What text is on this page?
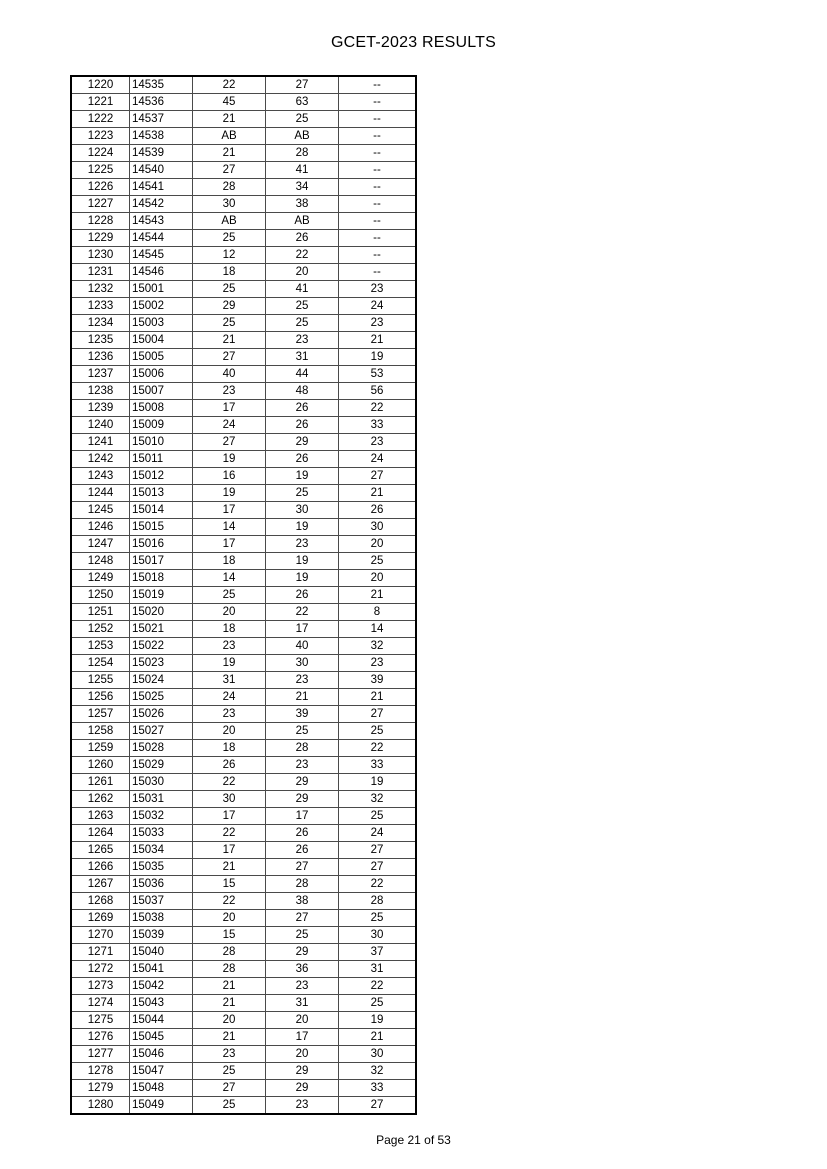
GCET-2023 RESULTS
1220	14535	22	27	--
1221	14536	45	63	--
1222	14537	21	25	--
1223	14538	AB	AB	--
1224	14539	21	28	--
1225	14540	27	41	--
1226	14541	28	34	--
1227	14542	30	38	--
1228	14543	AB	AB	--
1229	14544	25	26	--
1230	14545	12	22	--
1231	14546	18	20	--
1232	15001	25	41	23
1233	15002	29	25	24
1234	15003	25	25	23
1235	15004	21	23	21
1236	15005	27	31	19
1237	15006	40	44	53
1238	15007	23	48	56
1239	15008	17	26	22
1240	15009	24	26	33
1241	15010	27	29	23
1242	15011	19	26	24
1243	15012	16	19	27
1244	15013	19	25	21
1245	15014	17	30	26
1246	15015	14	19	30
1247	15016	17	23	20
1248	15017	18	19	25
1249	15018	14	19	20
1250	15019	25	26	21
1251	15020	20	22	8
1252	15021	18	17	14
1253	15022	23	40	32
1254	15023	19	30	23
1255	15024	31	23	39
1256	15025	24	21	21
1257	15026	23	39	27
1258	15027	20	25	25
1259	15028	18	28	22
1260	15029	26	23	33
1261	15030	22	29	19
1262	15031	30	29	32
1263	15032	17	17	25
1264	15033	22	26	24
1265	15034	17	26	27
1266	15035	21	27	27
1267	15036	15	28	22
1268	15037	22	38	28
1269	15038	20	27	25
1270	15039	15	25	30
1271	15040	28	29	37
1272	15041	28	36	31
1273	15042	21	23	22
1274	15043	21	31	25
1275	15044	20	20	19
1276	15045	21	17	21
1277	15046	23	20	30
1278	15047	25	29	32
1279	15048	27	29	33
1280	15049	25	23	27
Page 21 of 53
